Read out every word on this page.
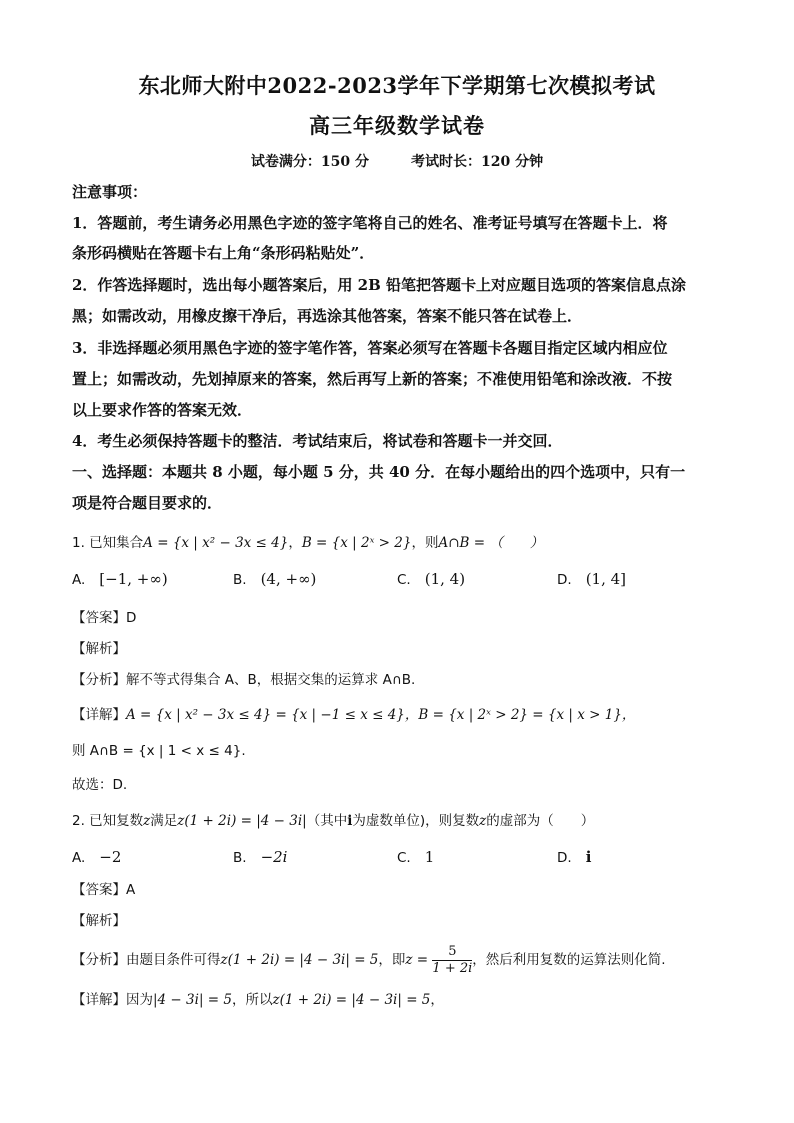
东北师大附中2022-2023学年下学期第七次模拟考试
高三年级数学试卷
试卷满分：150 分	考试时长：120 分钟
注意事项：
1．答题前，考生请务必用黑色字迹的签字笔将自己的姓名、准考证号填写在答题卡上．将
条形码横贴在答题卡右上角“条形码粘贴处”．
2．作答选择题时，选出每小题答案后，用 2B 铅笔把答题卡上对应题目选项的答案信息点涂
黑；如需改动，用橡皮擦干净后，再选涂其他答案，答案不能只答在试卷上．
3．非选择题必须用黑色字迹的签字笔作答，答案必须写在答题卡各题目指定区域内相应位
置上；如需改动，先划掉原来的答案，然后再写上新的答案；不准使用铅笔和涂改液．不按
以上要求作答的答案无效．
4．考生必须保持答题卡的整洁．考试结束后，将试卷和答题卡一并交回．
一、选择题：本题共 8 小题，每小题 5 分，共 40 分．在每小题给出的四个选项中，只有一
项是符合题目要求的．
1. 已知集合A = {x | x² − 3x ≤ 4}，B = {x | 2ˣ > 2}，则A∩B = （　　）
A. [−1, +∞)	B. (4, +∞)	C. (1, 4)	D. (1, 4]
【答案】D
【解析】
【分析】解不等式得集合 A、B，根据交集的运算求 A∩B.
【详解】A = {x | x² − 3x ≤ 4} = {x | −1 ≤ x ≤ 4}，B = {x | 2ˣ > 2} = {x | x > 1}，
则 A∩B = {x | 1 < x ≤ 4}.
故选：D.
2. 已知复数z满足z(1 + 2i) = |4 − 3i|（其中i为虚数单位)，则复数z的虚部为（　　）
A. −2	B. −2i	C. 1	D. i
【答案】A
【解析】
【分析】由题目条件可得z(1 + 2i) = |4 − 3i| = 5，即$z = \frac{5}{1 + 2i}$ ，然后利用复数的运算法则化简.
【详解】因为|4 − 3i| = 5，所以z(1 + 2i) = |4 − 3i| = 5，
